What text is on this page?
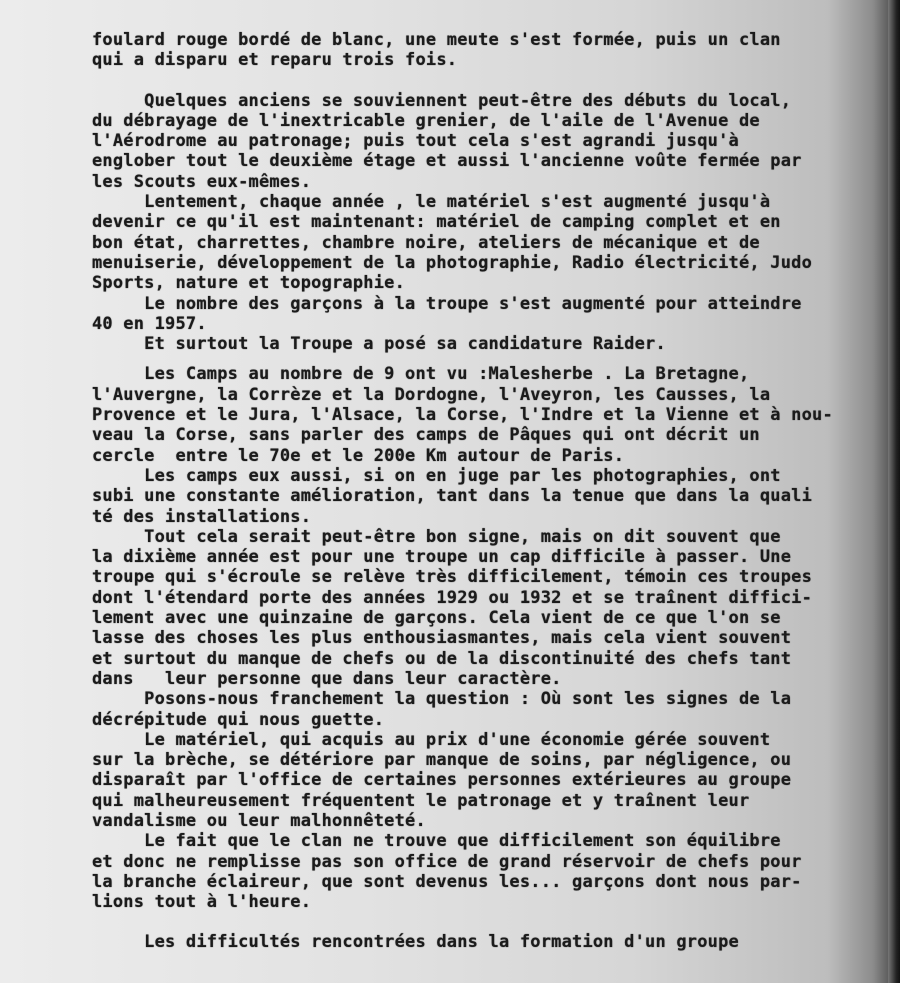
foulard rouge bordé de blanc, une meute s'est formée, puis un clan
qui a disparu et reparu trois fois.
Quelques anciens se souviennent peut-être des débuts du local,
du débrayage de l'inextricable grenier, de l'aile de l'Avenue de
l'Aérodrome au patronage; puis tout cela s'est agrandi jusqu'à
englober tout le deuxième étage et aussi l'ancienne voûte fermée par
les Scouts eux-mêmes.
Lentement, chaque année , le matériel s'est augmenté jusqu'à
devenir ce qu'il est maintenant: matériel de camping complet et en
bon état, charrettes, chambre noire, ateliers de mécanique et de
menuiserie, développement de la photographie, Radio électricité, Judo
Sports, nature et topographie.
Le nombre des garçons à la troupe s'est augmenté pour atteindre
40 en 1957.
Et surtout la Troupe a posé sa candidature Raider.
Les Camps au nombre de 9 ont vu :Malesherbe . La Bretagne,
l'Auvergne, la Corrèze et la Dordogne, l'Aveyron, les Causses, la
Provence et le Jura, l'Alsace, la Corse, l'Indre et la Vienne et à nou-
veau la Corse, sans parler des camps de Pâques qui ont décrit un
cercle  entre le 70e et le 200e Km autour de Paris.
Les camps eux aussi, si on en juge par les photographies, ont
subi une constante amélioration, tant dans la tenue que dans la quali
té des installations.
Tout cela serait peut-être bon signe, mais on dit souvent que
la dixième année est pour une troupe un cap difficile à passer. Une
troupe qui s'écroule se relève très difficilement, témoin ces troupes
dont l'étendard porte des années 1929 ou 1932 et se traînent diffici-
lement avec une quinzaine de garçons. Cela vient de ce que l'on se
lasse des choses les plus enthousiasmantes, mais cela vient souvent
et surtout du manque de chefs ou de la discontinuité des chefs tant
dans   leur personne que dans leur caractère.
Posons-nous franchement la question : Où sont les signes de la
décrépitude qui nous guette.
Le matériel, qui acquis au prix d'une économie gérée souvent
sur la brèche, se détériore par manque de soins, par négligence, ou
disparaît par l'office de certaines personnes extérieures au groupe
qui malheureusement fréquentent le patronage et y traînent leur
vandalisme ou leur malhonnêteté.
Le fait que le clan ne trouve que difficilement son équilibre
et donc ne remplisse pas son office de grand réservoir de chefs pour
la branche éclaireur, que sont devenus les... garçons dont nous par-
lions tout à l'heure.
Les difficultés rencontrées dans la formation d'un groupe
